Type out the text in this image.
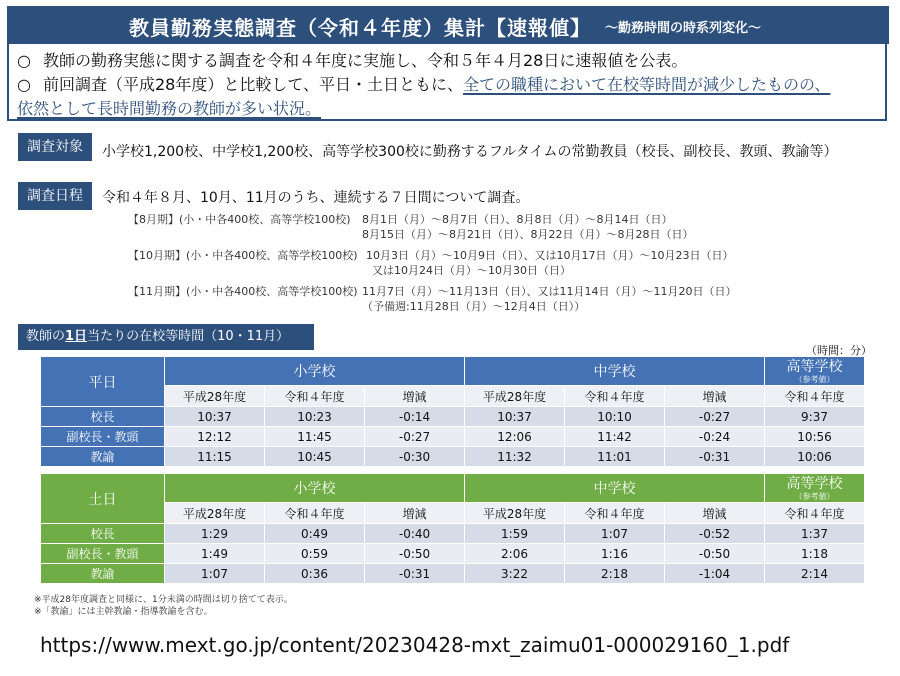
教員勤務実態調査（令和４年度）集計【速報値】 ～勤務時間の時系列変化～
○ 教師の勤務実態に関する調査を令和４年度に実施し、令和５年４月28日に速報値を公表。
○ 前回調査（平成28年度）と比較して、平日・土日ともに、全ての職種において在校等時間が減少したものの、
依然として長時間勤務の教師が多い状況。
調査対象	小学校1,200校、中学校1,200校、高等学校300校に勤務するフルタイムの常勤教員（校長、副校長、教頭、教諭等）
調査日程	令和４年８月、10月、11月のうち、連続する７日間について調査。
【8月期】(小・中各400校、高等学校100校) 8月1日（月）～8月7日（日）、8月8日（月）～8月14日（日）
8月15日（月）～8月21日（日）、8月22日（月）～8月28日（日）
【10月期】(小・中各400校、高等学校100校) 10月3日（月）～10月9日（日）、又は10月17日（月）～10月23日（日）
又は10月24日（月）～10月30日（日）
【11月期】(小・中各400校、高等学校100校) 11月7日（月）～11月13日（日）、又は11月14日（月）～11月20日（日）
（予備週:11月28日（月）～12月4日（日））
教師の1日当たりの在校等時間（10・11月）
（時間：分）
平日	小学校			中学校			高等学校
（参考値）

	平成28年度	令和４年度	増減	平成28年度	令和４年度	増減	令和４年度
校長	10:37	10:23	-0:14	10:37	10:10	-0:27	9:37
副校長・教頭	12:12	11:45	-0:27	12:06	11:42	-0:24	10:56
教諭	11:15	10:45	-0:30	11:32	11:01	-0:31	10:06
土日	小学校			中学校			高等学校
（参考値）

	平成28年度	令和４年度	増減	平成28年度	令和４年度	増減	令和４年度
校長	1:29	0:49	-0:40	1:59	1:07	-0:52	1:37
副校長・教頭	1:49	0:59	-0:50	2:06	1:16	-0:50	1:18
教諭	1:07	0:36	-0:31	3:22	2:18	-1:04	2:14
※平成28年度調査と同様に、1分未満の時間は切り捨てて表示。
※「教諭」には主幹教諭・指導教諭を含む。
https://www.mext.go.jp/content/20230428-mxt_zaimu01-000029160_1.pdf
